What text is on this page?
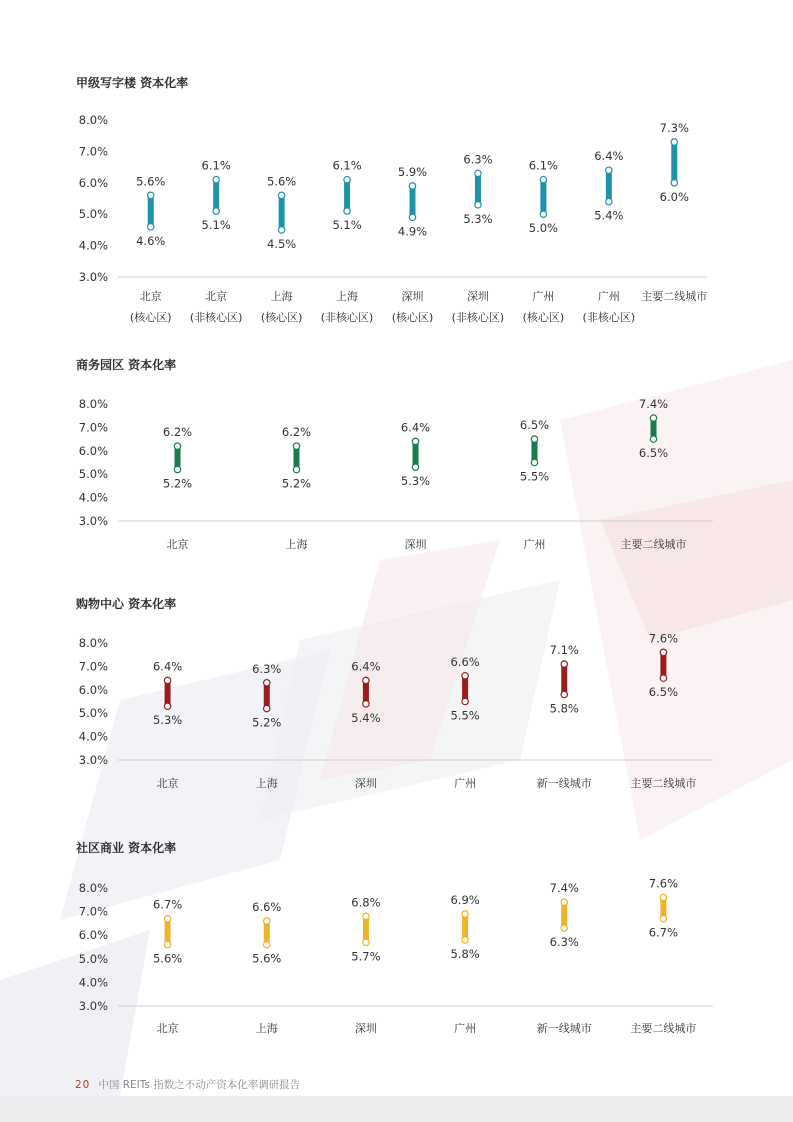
甲级写字楼 资本化率
8.0%
7.0%
6.0%
5.0%
4.0%
3.0%
5.6%
4.6%
北京
(核心区)
6.1%
5.1%
北京
(非核心区)
5.6%
4.5%
上海
(核心区)
6.1%
5.1%
上海
(非核心区)
5.9%
4.9%
深圳
(核心区)
6.3%
5.3%
深圳
(非核心区)
6.1%
5.0%
广州
(核心区)
6.4%
5.4%
广州
(非核心区)
7.3%
6.0%
主要二线城市
商务园区 资本化率
8.0%
7.0%
6.0%
5.0%
4.0%
3.0%
6.2%
5.2%
北京
6.2%
5.2%
上海
6.4%
5.3%
深圳
6.5%
5.5%
广州
7.4%
6.5%
主要二线城市
购物中心 资本化率
8.0%
7.0%
6.0%
5.0%
4.0%
3.0%
6.4%
5.3%
北京
6.3%
5.2%
上海
6.4%
5.4%
深圳
6.6%
5.5%
广州
7.1%
5.8%
新一线城市
7.6%
6.5%
主要二线城市
社区商业 资本化率
8.0%
7.0%
6.0%
5.0%
4.0%
3.0%
6.7%
5.6%
北京
6.6%
5.6%
上海
6.8%
5.7%
深圳
6.9%
5.8%
广州
7.4%
6.3%
新一线城市
7.6%
6.7%
主要二线城市
20 中国 REITs 指数之不动产资本化率调研报告
